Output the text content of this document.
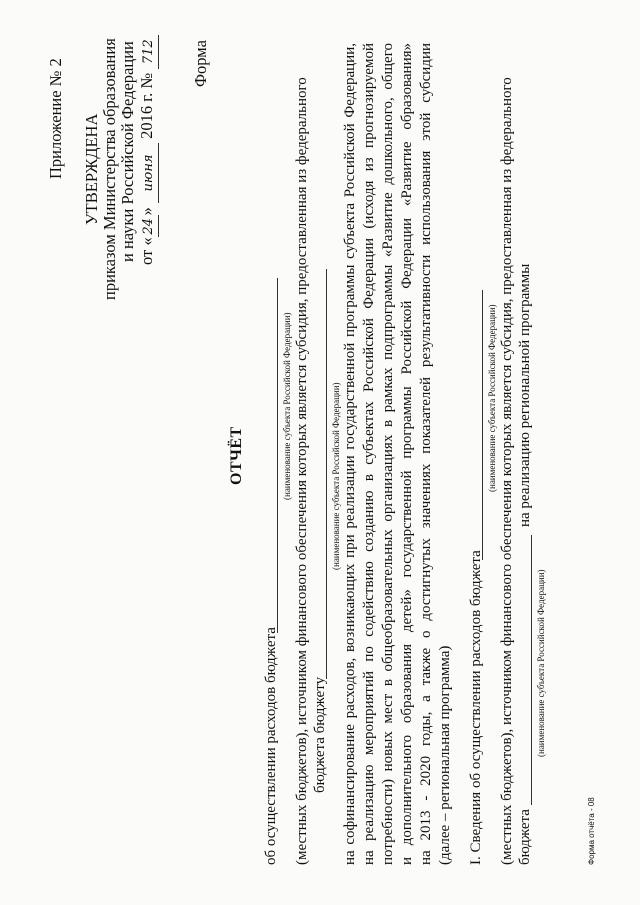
Приложение № 2 УТВЕРЖДЕНА приказом Министерства образования и науки Российской Федерации от «24» июня 2016 г. № 712 Форма
ОТЧЁТ
об осуществлении расходов бюджета
(наименование субъекта Российской Федерации) (местных бюджетов), источником финансового обеспечения которых является субсидия, предоставленная из федерального бюджета бюджету
(наименование субъекта Российской Федерации) на софинансирование расходов, возникающих при реализации государственной программы субъекта Российской Федерации, на реализацию мероприятий по содействию созданию в субъектах Российской Федерации (исходя из прогнозируемой потребности) новых мест в общеобразовательных организациях в рамках подпрограммы «Развитие дошкольного, общего и дополнительного образования детей» государственной программы Российской Федерации «Развитие образования» на 2013 - 2020 годы, а также о достигнутых значениях показателей результативности использования этой субсидии (далее – региональная программа) I. Сведения об осуществлении расходов бюджета
(наименование субъекта Российской Федерации) (местных бюджетов), источником финансового обеспечения которых является субсидия, предоставленная из федерального бюджета
на реализацию региональной программы
(наименование субъекта Российской Федерации)
Форма отчёта - 08
